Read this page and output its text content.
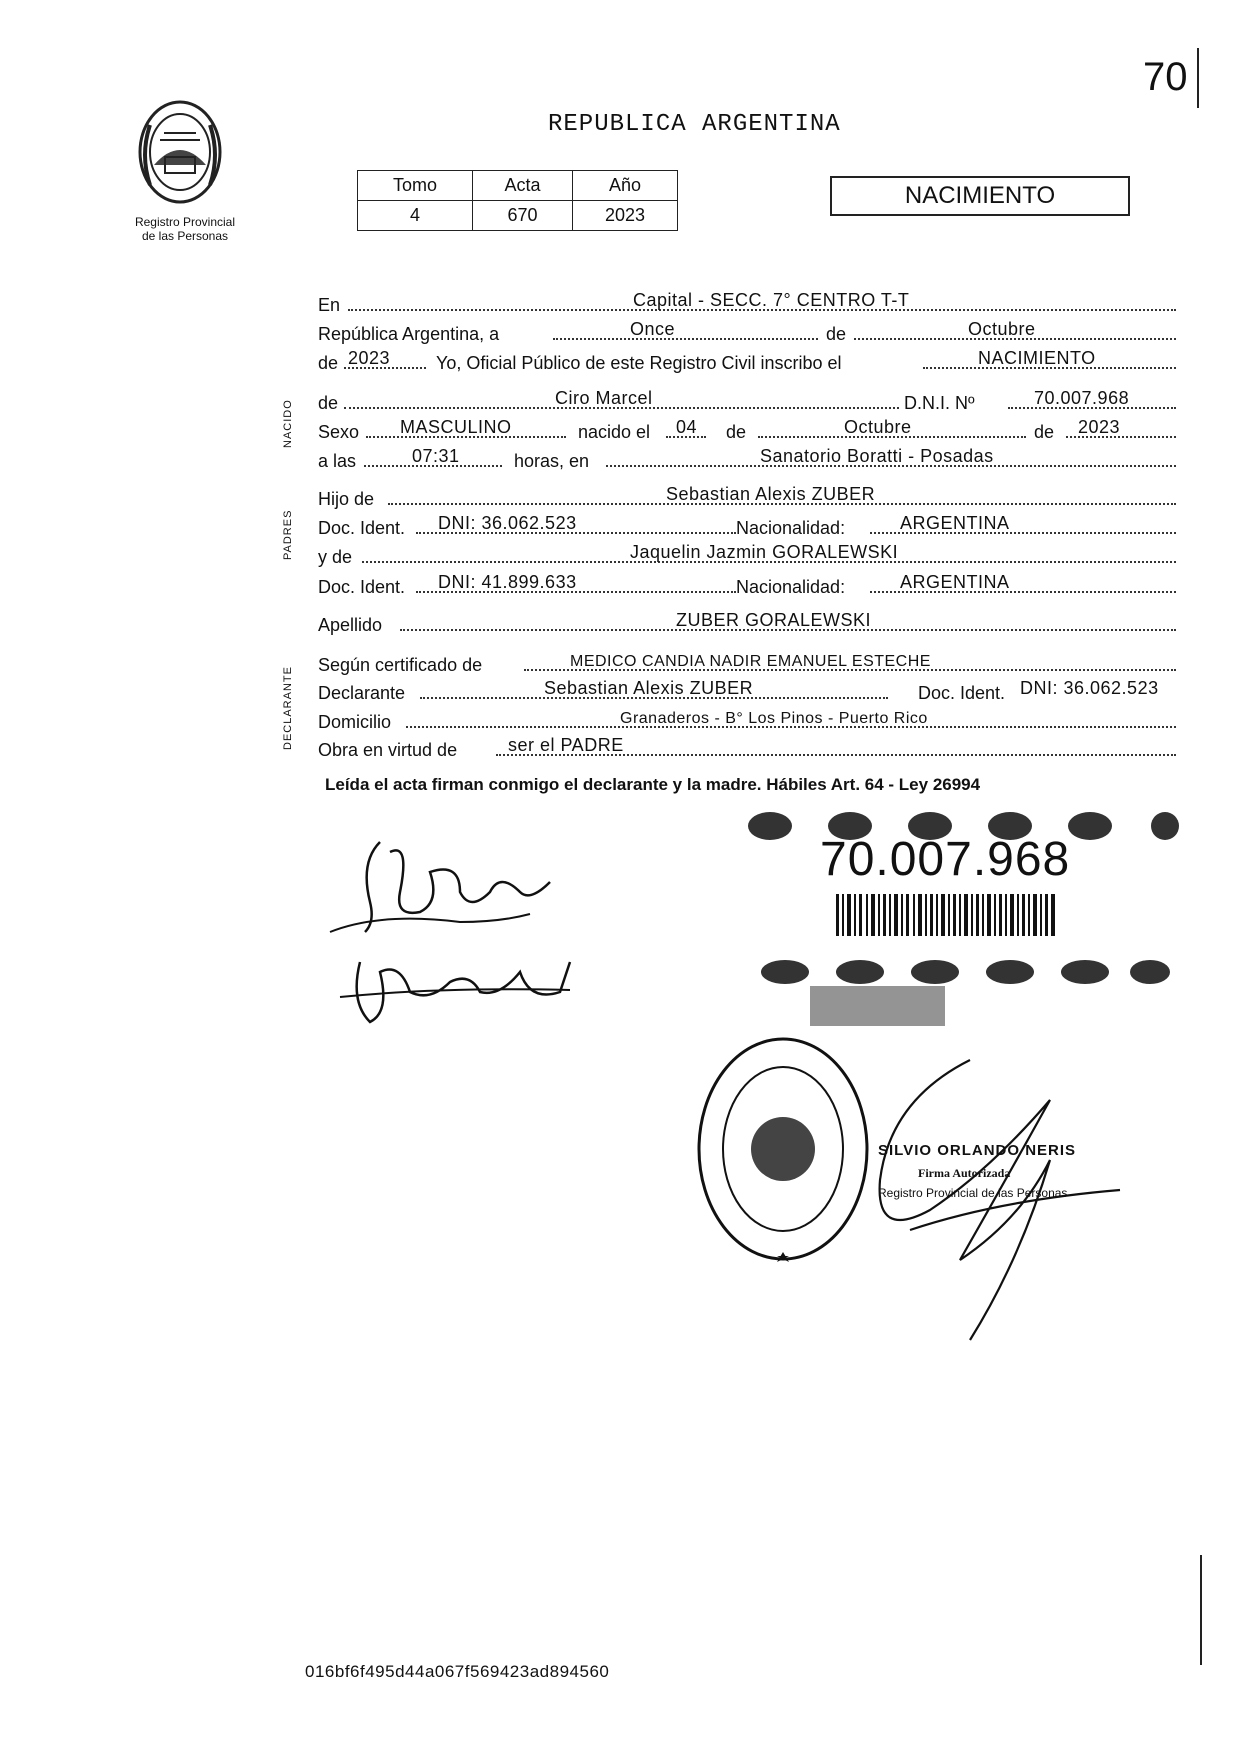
70
Registro Provincial
de las Personas
REPUBLICA ARGENTINA
Tomo	Acta	Año
4	670	2023
NACIMIENTO
NACIDO
PADRES
DECLARANTE
En	Capital - SECC. 7° CENTRO T-T
República Argentina, a	Once	de	Octubre
de 2023	Yo, Oficial Público de este Registro Civil inscribo el	NACIMIENTO
de	Ciro Marcel	D.N.I. Nº	70.007.968
Sexo MASCULINO	nacido el 04 de	Octubre	de 2023
a las	07:31	horas, en	Sanatorio Boratti - Posadas
Hijo de	Sebastian Alexis ZUBER
Doc. Ident. DNI: 36.062.523	Nacionalidad:	ARGENTINA
y de	Jaquelin Jazmin GORALEWSKI
Doc. Ident. DNI: 41.899.633	Nacionalidad:	ARGENTINA
Apellido	ZUBER GORALEWSKI
Según certificado de	MEDICO CANDIA NADIR EMANUEL ESTECHE
Declarante	Sebastian Alexis ZUBER	Doc. Ident. DNI: 36.062.523
Domicilio	Granaderos - B° Los Pinos - Puerto Rico
Obra en virtud de	ser el PADRE
Leída el acta firman conmigo el declarante y la madre. Hábiles Art. 64 - Ley 26994
70.007.968
SILVIO ORLANDO NERIS
Firma Autorizada
Registro Provincial de las Personas
016bf6f495d44a067f569423ad894560
